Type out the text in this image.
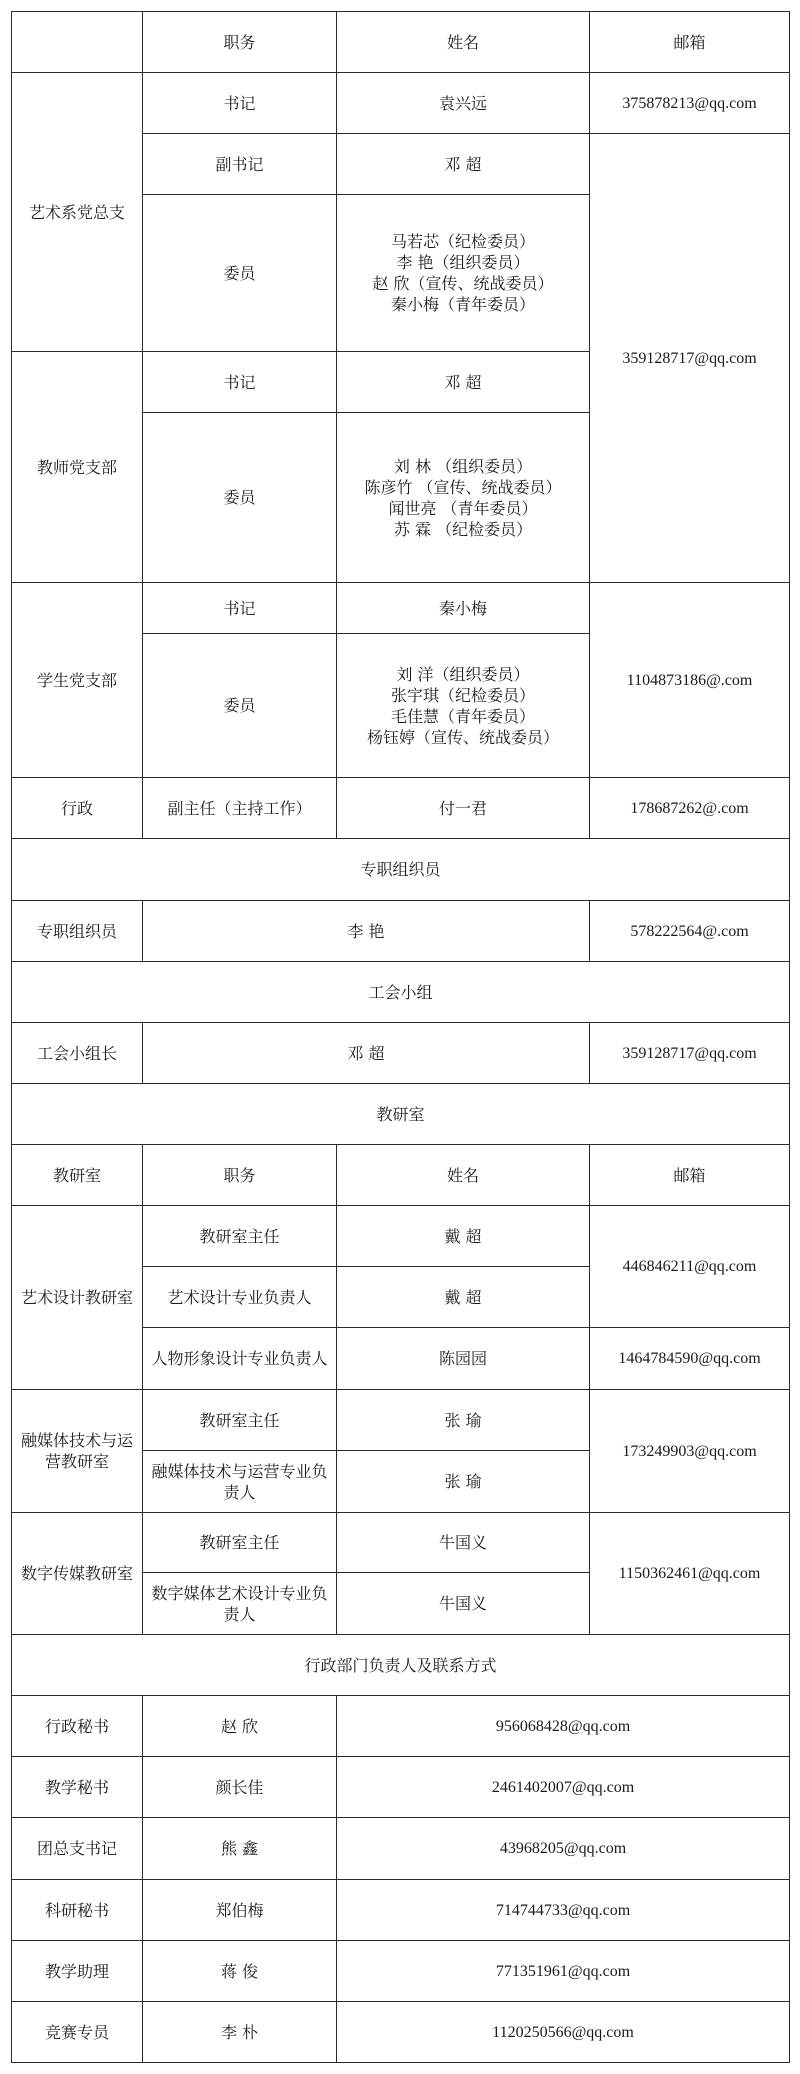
	职务	姓名	邮箱
艺术系党总支	书记	袁兴远	375878213@qq.com
	副书记	邓 超	359128717@qq.com
	委员	马若芯（纪检委员）
李 艳（组织委员）
赵 欣（宣传、统战委员）
秦小梅（青年委员）	

教师党支部	书记	邓 超	
	委员	刘 林 （组织委员）
陈彦竹 （宣传、统战委员）
闻世亮 （青年委员）
苏 霖 （纪检委员）	

学生党支部	书记	秦小梅	1104873186@.com
	委员	刘 洋（组织委员）
张宇琪（纪检委员）
毛佳慧（青年委员）
杨钰婷（宣传、统战委员）	

行政	副主任（主持工作）	付一君	178687262@.com
专职组织员			
专职组织员	李 艳		578222564@.com
工会小组			
工会小组长	邓 超		359128717@qq.com
教研室			
教研室	职务	姓名	邮箱
艺术设计教研室	教研室主任	戴 超	446846211@qq.com
	艺术设计专业负责人	戴 超	
	人物形象设计专业负责人	陈园园	1464784590@qq.com
融媒体技术与运营教研室	教研室主任	张 瑜	173249903@qq.com
	融媒体技术与运营专业负责人	张 瑜	
数字传媒教研室	教研室主任	牛国义	1150362461@qq.com
	数字媒体艺术设计专业负责人	牛国义	
行政部门负责人及联系方式			
行政秘书	赵 欣	956068428@qq.com	
教学秘书	颜长佳	2461402007@qq.com	
团总支书记	熊 鑫	43968205@qq.com	
科研秘书	郑伯梅	714744733@qq.com	
教学助理	蒋 俊	771351961@qq.com	
竞赛专员	李 朴	1120250566@qq.com	
